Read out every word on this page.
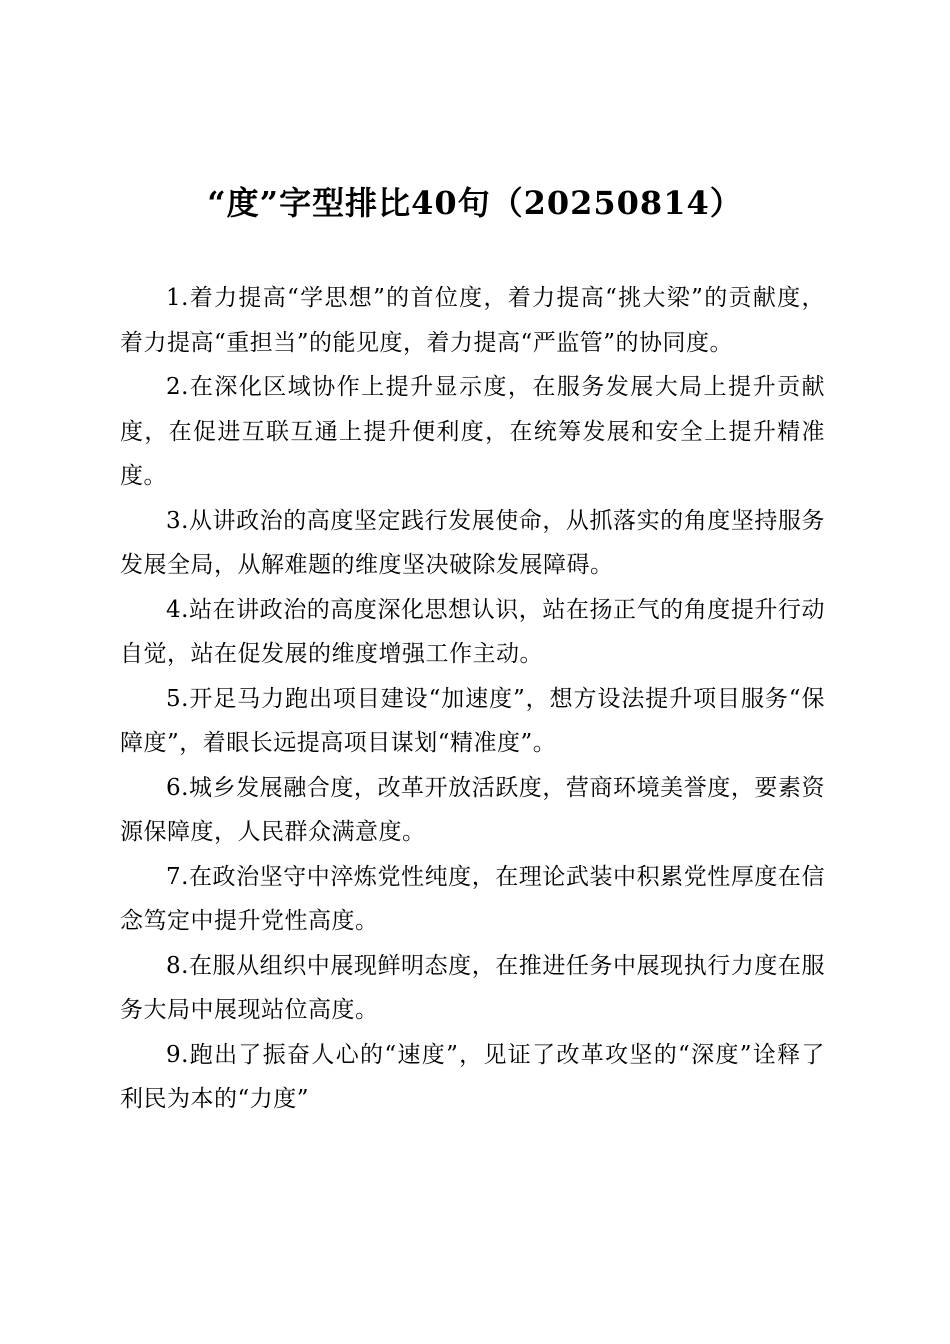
“度”字型排比40句（20250814）

1.着力提高“学思想”的首位度，着力提高“挑大梁”的贡献度，着力提高“重担当”的能见度，着力提高“严监管”的协同度。

2.在深化区域协作上提升显示度，在服务发展大局上提升贡献度，在促进互联互通上提升便利度，在统筹发展和安全上提升精准度。

3.从讲政治的高度坚定践行发展使命，从抓落实的角度坚持服务发展全局，从解难题的维度坚决破除发展障碍。

4.站在讲政治的高度深化思想认识，站在扬正气的角度提升行动自觉，站在促发展的维度增强工作主动。

5.开足马力跑出项目建设“加速度”，想方设法提升项目服务“保障度”，着眼长远提高项目谋划“精准度”。

6.城乡发展融合度，改革开放活跃度，营商环境美誉度，要素资源保障度，人民群众满意度。

7.在政治坚守中淬炼党性纯度，在理论武装中积累党性厚度在信念笃定中提升党性高度。

8.在服从组织中展现鲜明态度，在推进任务中展现执行力度在服务大局中展现站位高度。

9.跑出了振奋人心的“速度”，见证了改革攻坚的“深度”诠释了利民为本的“力度”
